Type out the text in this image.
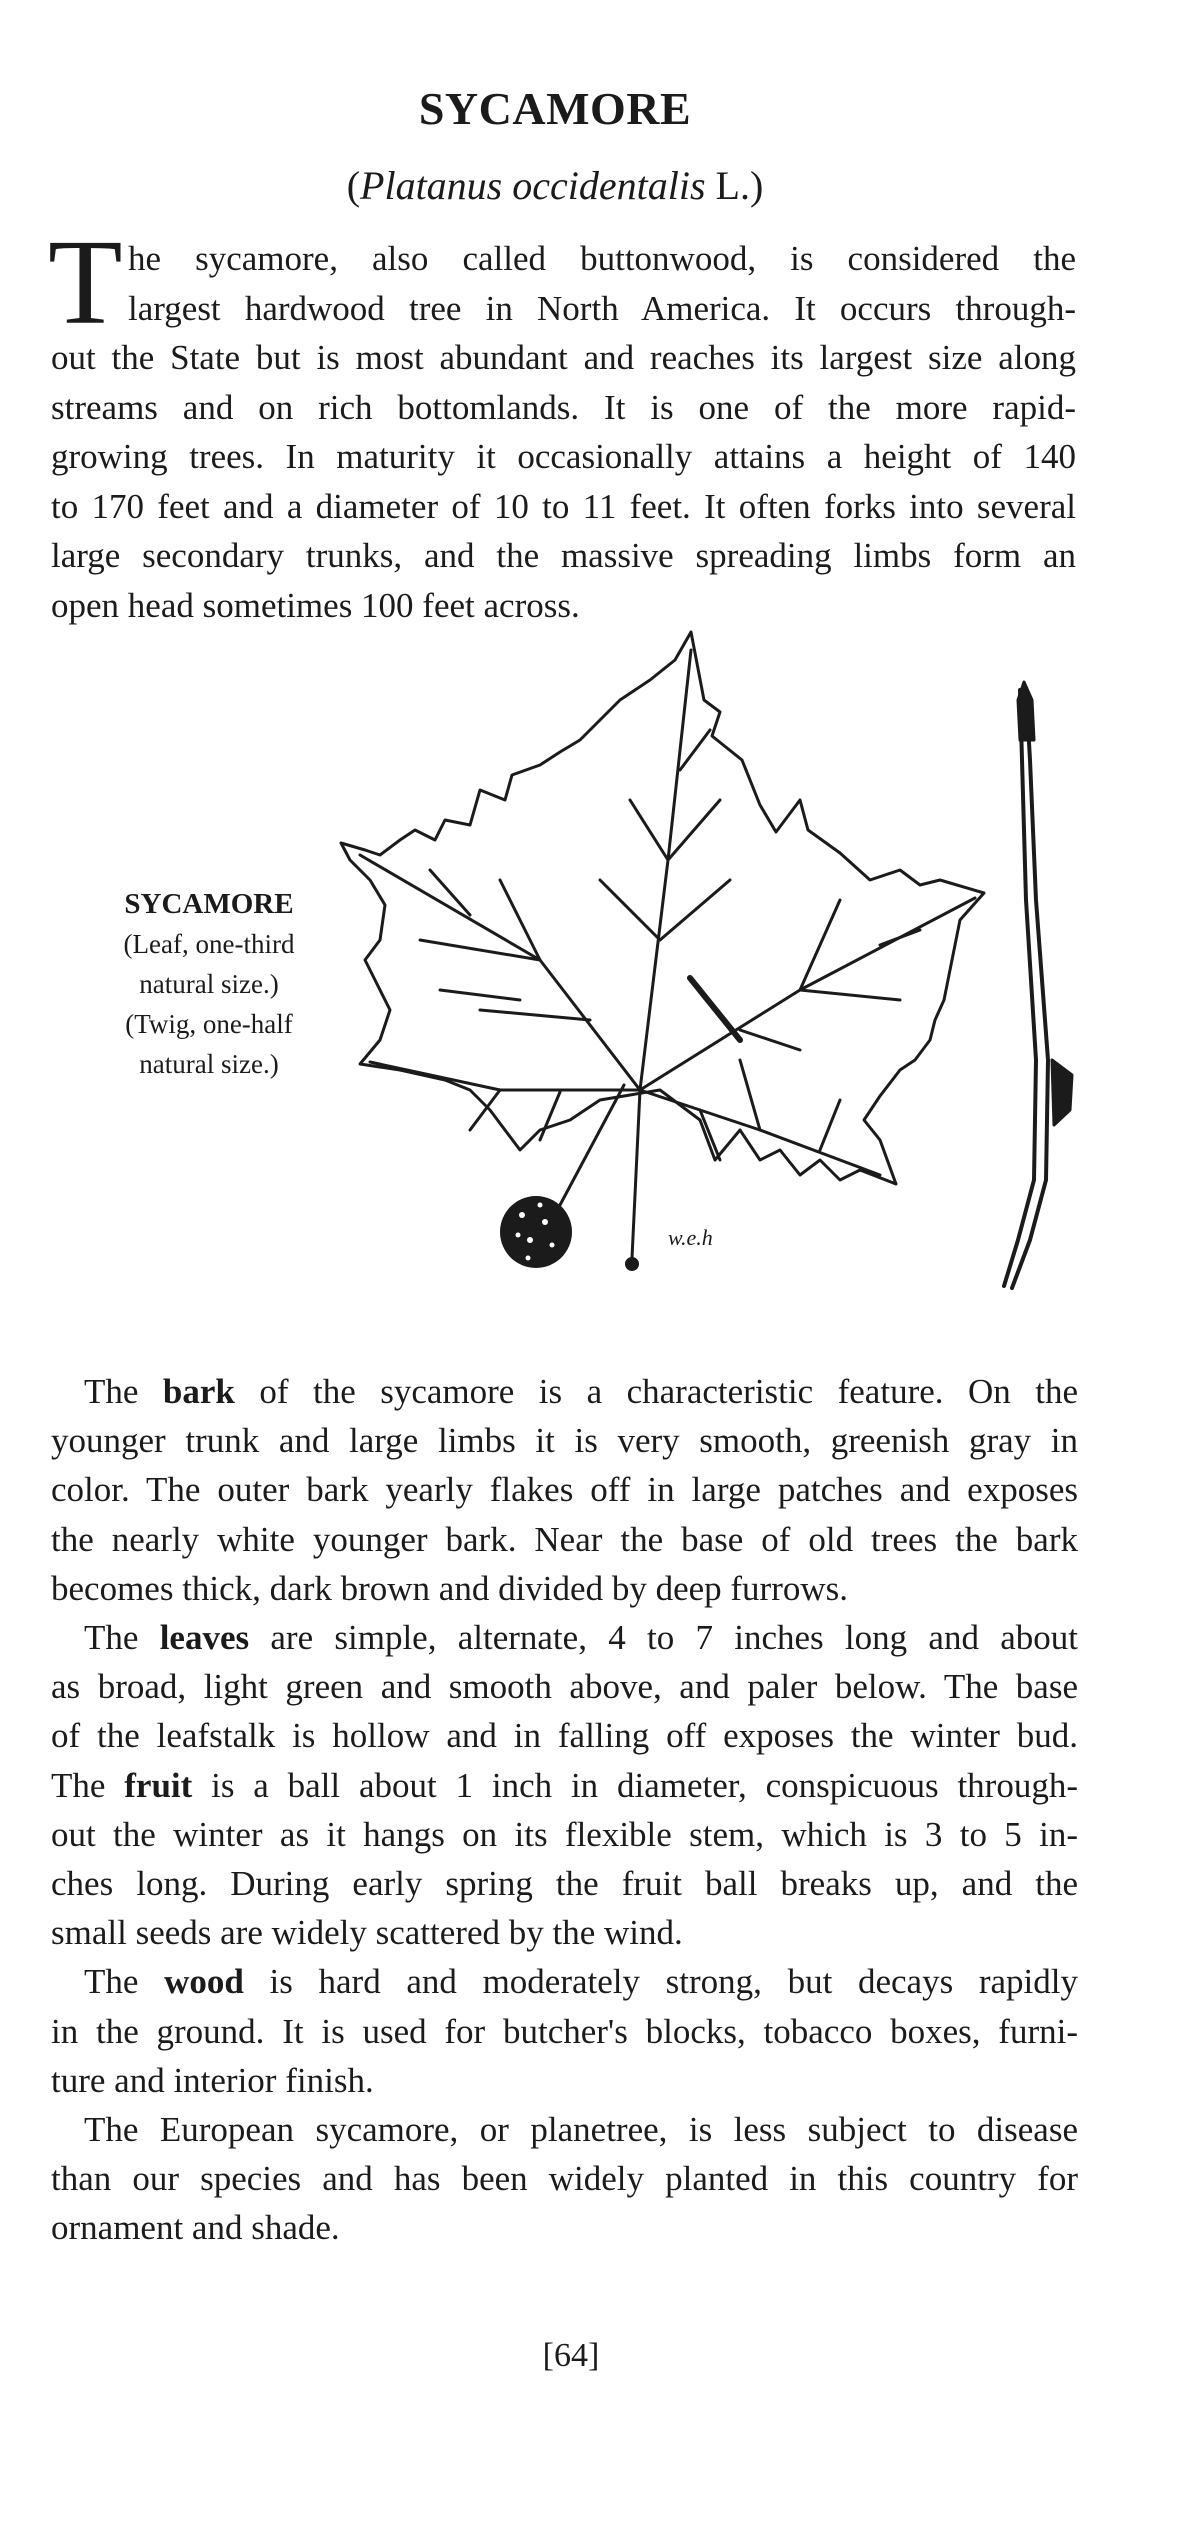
SYCAMORE
(Platanus occidentalis L.)
T he sycamore, also called buttonwood, is considered the
largest hardwood tree in North America. It occurs through-
out the State but is most abundant and reaches its largest size along
streams and on rich bottomlands. It is one of the more rapid-
growing trees. In maturity it occasionally attains a height of 140
to 170 feet and a diameter of 10 to 11 feet. It often forks into several
large secondary trunks, and the massive spreading limbs form an
open head sometimes 100 feet across.
w.e.h
SYCAMORE
(Leaf, one-third
natural size.)
(Twig, one-half
natural size.)
The bark of the sycamore is a characteristic feature. On the
younger trunk and large limbs it is very smooth, greenish gray in
color. The outer bark yearly flakes off in large patches and exposes
the nearly white younger bark. Near the base of old trees the bark
becomes thick, dark brown and divided by deep furrows.
The leaves are simple, alternate, 4 to 7 inches long and about
as broad, light green and smooth above, and paler below. The base
of the leafstalk is hollow and in falling off exposes the winter bud.
The fruit is a ball about 1 inch in diameter, conspicuous through-
out the winter as it hangs on its flexible stem, which is 3 to 5 in-
ches long. During early spring the fruit ball breaks up, and the
small seeds are widely scattered by the wind.
The wood is hard and moderately strong, but decays rapidly
in the ground. It is used for butcher's blocks, tobacco boxes, furni-
ture and interior finish.
The European sycamore, or planetree, is less subject to disease
than our species and has been widely planted in this country for
ornament and shade.
[64]
